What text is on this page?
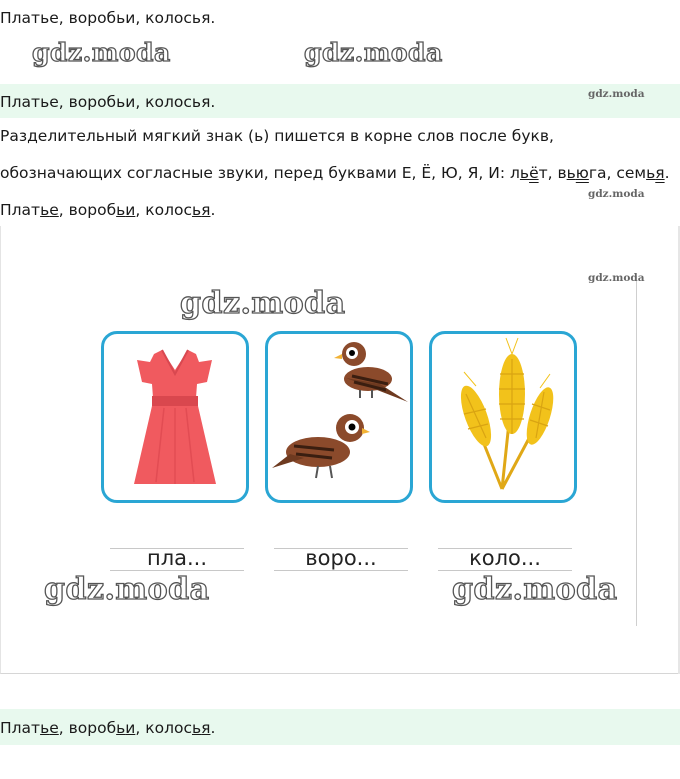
Платье, воробьи, колосья.
gdz.moda	gdz.moda
Платье, воробьи, колосья.	gdz.moda
Разделительный мягкий знак (ь) пишется в корне слов после букв,
обозначающих согласные звуки, перед буквами Е, Ё, Ю, Я, И: льёт, вьюга, семья.
gdz.moda
Платье, воробьи, колосья.
gdz.moda
gdz.moda
пла...	воро...	коло...
gdz.moda	gdz.moda
Платье, воробьи, колосья.
